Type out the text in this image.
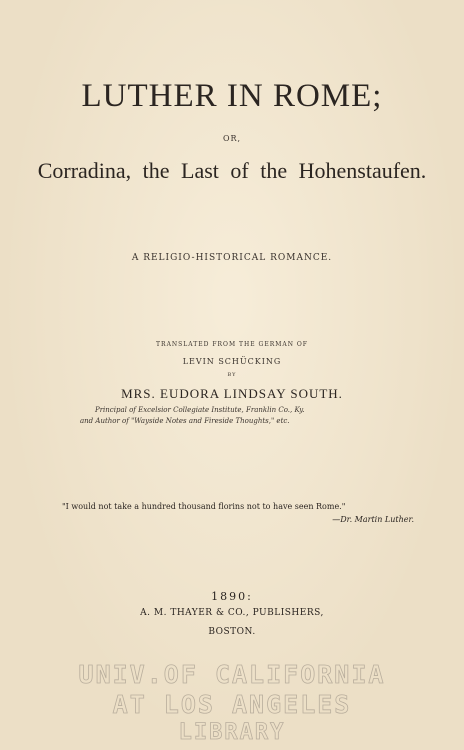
LUTHER IN ROME;
OR,
Corradina, the Last of the Hohenstaufen.
A RELIGIO-HISTORICAL ROMANCE.
TRANSLATED FROM THE GERMAN OF
LEVIN SCHÜCKING
BY
MRS. EUDORA LINDSAY SOUTH.
Principal of Excelsior Collegiate Institute, Franklin Co., Ky.
and Author of "Wayside Notes and Fireside Thoughts," etc.
"I would not take a hundred thousand florins not to have seen Rome."
—Dr. Martin Luther.
1890:
A. M. THAYER & CO., PUBLISHERS,
BOSTON.
UNIV.OF CALIFORNIA
AT LOS ANGELES
LIBRARY
